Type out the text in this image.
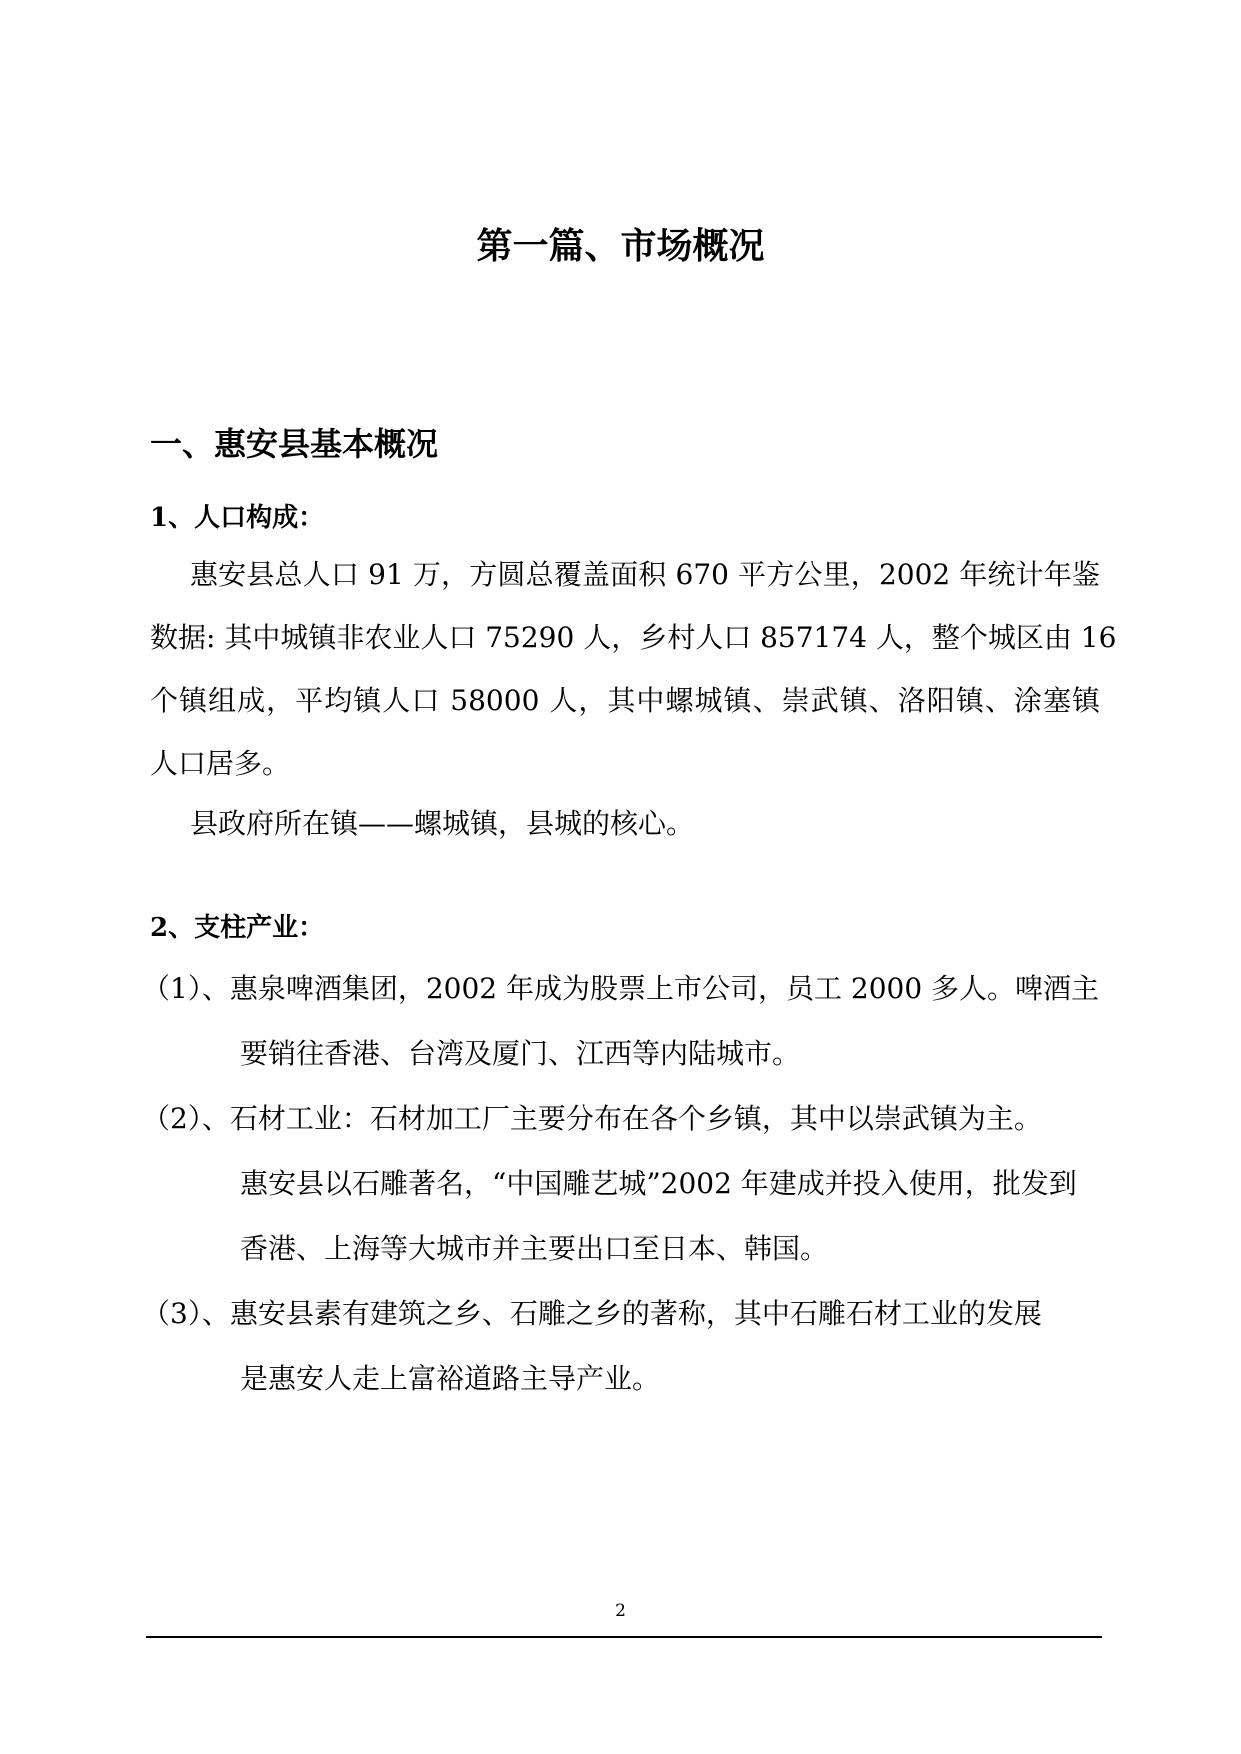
第一篇、市场概况
一、惠安县基本概况
1、人口构成：
惠安县总人口 91 万，方圆总覆盖面积 670 平方公里，2002 年统计年鉴
数据: 其中城镇非农业人口 75290 人，乡村人口 857174 人，整个城区由 16
个镇组成，平均镇人口 58000 人，其中螺城镇、崇武镇、洛阳镇、涂塞镇
人口居多。
县政府所在镇——螺城镇，县城的核心。
2、支柱产业：
（1）、惠泉啤酒集团，2002 年成为股票上市公司，员工 2000 多人。啤酒主
要销往香港、台湾及厦门、江西等内陆城市。
（2）、石材工业：石材加工厂主要分布在各个乡镇，其中以崇武镇为主。
惠安县以石雕著名，“中国雕艺城”2002 年建成并投入使用，批发到
香港、上海等大城市并主要出口至日本、韩国。
（3）、惠安县素有建筑之乡、石雕之乡的著称，其中石雕石材工业的发展
是惠安人走上富裕道路主导产业。
2
